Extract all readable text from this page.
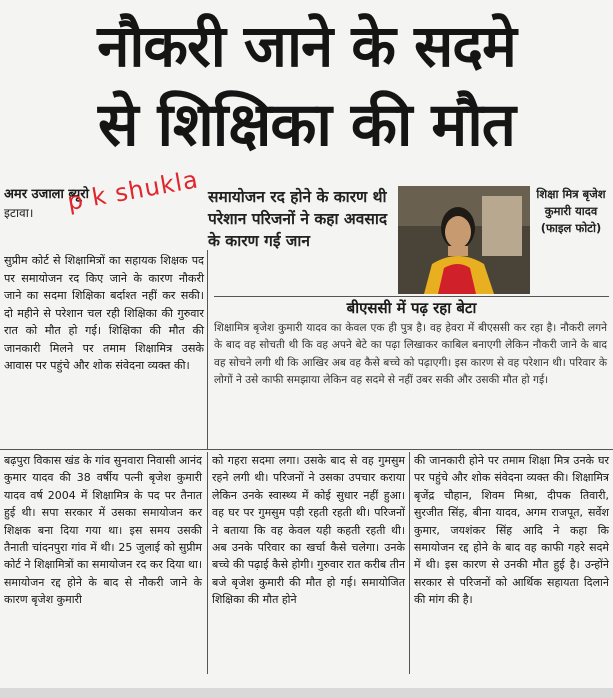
नौकरी जाने के सदमे
से शिक्षिका की मौत
अमर उजाला ब्यूरो
इटावा।	p k shukla समायोजन रद होने के कारण थी परेशान परिजनों ने कहा अवसाद के कारण गई जान
शिक्षा मित्र बृजेश कुमारी यादव (फाइल फोटो)

सुप्रीम कोर्ट से शिक्षामित्रों का सहायक शिक्षक पद पर समायोजन रद किए जाने के कारण नौकरी जाने का सदमा शिक्षिका बर्दाश्त नहीं कर सकी। दो महीने से परेशान चल रही शिक्षिका की गुरुवार रात को मौत हो गई। शिक्षिका की मौत की जानकारी मिलने पर तमाम शिक्षामित्र उसके आवास पर पहुंचे और शोक संवेदना व्यक्त की।

बीएससी में पढ़ रहा बेटा

शिक्षामित्र बृजेश कुमारी यादव का केवल एक ही पुत्र है। वह हेवरा में बीएससी कर रहा है। नौकरी लगने के बाद वह सोचती थी कि वह अपने बेटे का पढ़ा लिखाकर काबिल बनाएगी लेकिन नौकरी जाने के बाद वह सोचने लगी थी कि आखिर अब वह कैसे बच्चे को पढ़ाएगी। इस कारण से वह परेशान थी। परिवार के लोगों ने उसे काफी समझाया लेकिन वह सदमे से नहीं उबर सकी और उसकी मौत हो गई।

बढ़पुरा विकास खंड के गांव सुनवारा निवासी आनंद कुमार यादव की 38 वर्षीय पत्नी बृजेश कुमारी यादव वर्ष 2004 में शिक्षामित्र के पद पर तैनात हुई थी। सपा सरकार में उसका समायोजन कर शिक्षक बना दिया गया था। इस समय उसकी तैनाती चांदनपुरा गांव में थी। 25 जुलाई को सुप्रीम कोर्ट ने शिक्षामित्रों का समायोजन रद कर दिया था। समायोजन रद्द होने के बाद से नौकरी जाने के कारण बृजेश कुमारी

को गहरा सदमा लगा। उसके बाद से वह गुमसुम रहने लगी थी। परिजनों ने उसका उपचार कराया लेकिन उनके स्वास्थ्य में कोई सुधार नहीं हुआ। वह घर पर गुमसुम पड़ी रहती रहती थी। परिजनों ने बताया कि वह केवल यही कहती रहती थी। अब उनके परिवार का खर्चा कैसे चलेगा। उनके बच्चे की पढ़ाई कैसे होगी। गुरुवार रात करीब तीन बजे बृजेश कुमारी की मौत हो गई। समायोजित शिक्षिका की मौत होने

की जानकारी होने पर तमाम शिक्षा मित्र उनके घर पर पहुंचे और शोक संवेदना व्यक्त की। शिक्षामित्र बृजेंद्र चौहान, शिवम मिश्रा, दीपक तिवारी, सुरजीत सिंह, बीना यादव, अगम राजपूत, सर्वेश कुमार, जयशंकर सिंह आदि ने कहा कि समायोजन रद्द होने के बाद वह काफी गहरे सदमे में थी। इस कारण से उनकी मौत हुई है। उन्होंने सरकार से परिजनों को आर्थिक सहायता दिलाने की मांग की है।
